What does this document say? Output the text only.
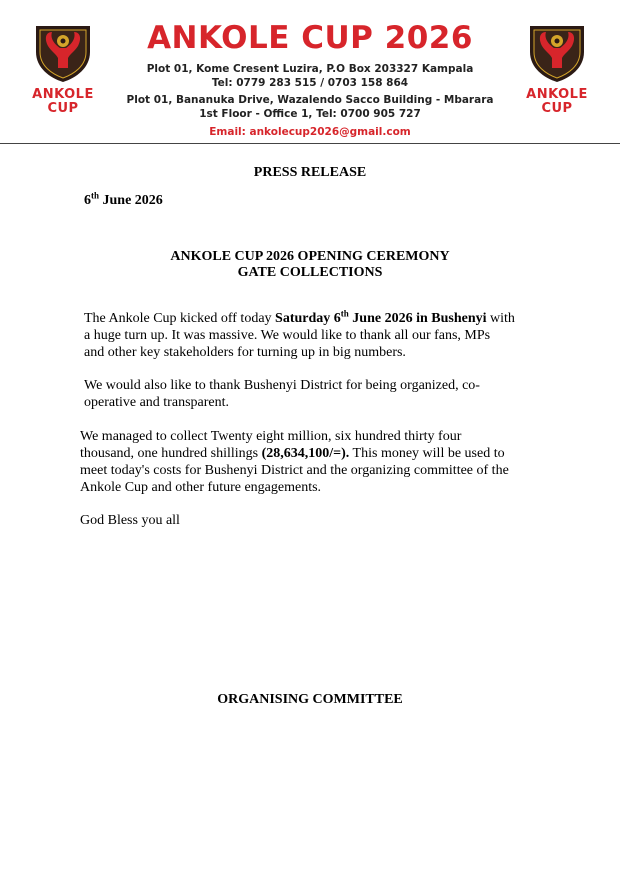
ANKOLE
CUP
ANKOLE
CUP
ANKOLE CUP 2026
Plot 01, Kome Cresent Luzira, P.O Box 203327 Kampala
Tel: 0779 283 515 / 0703 158 864
Plot 01, Bananuka Drive, Wazalendo Sacco Building - Mbarara
1st Floor - Office 1, Tel: 0700 905 727
Email: ankolecup2026@gmail.com
PRESS RELEASE
6th June 2026
ANKOLE CUP 2026 OPENING CEREMONY
GATE COLLECTIONS
The Ankole Cup kicked off today Saturday 6th June 2026 in Bushenyi with
a huge turn up. It was massive. We would like to thank all our fans, MPs
and other key stakeholders for turning up in big numbers.
We would also like to thank Bushenyi District for being organized, co-
operative and transparent.
We managed to collect Twenty eight million, six hundred thirty four
thousand, one hundred shillings (28,634,100/=). This money will be used to
meet today's costs for Bushenyi District and the organizing committee of the
Ankole Cup and other future engagements.
God Bless you all
ORGANISING COMMITTEE
